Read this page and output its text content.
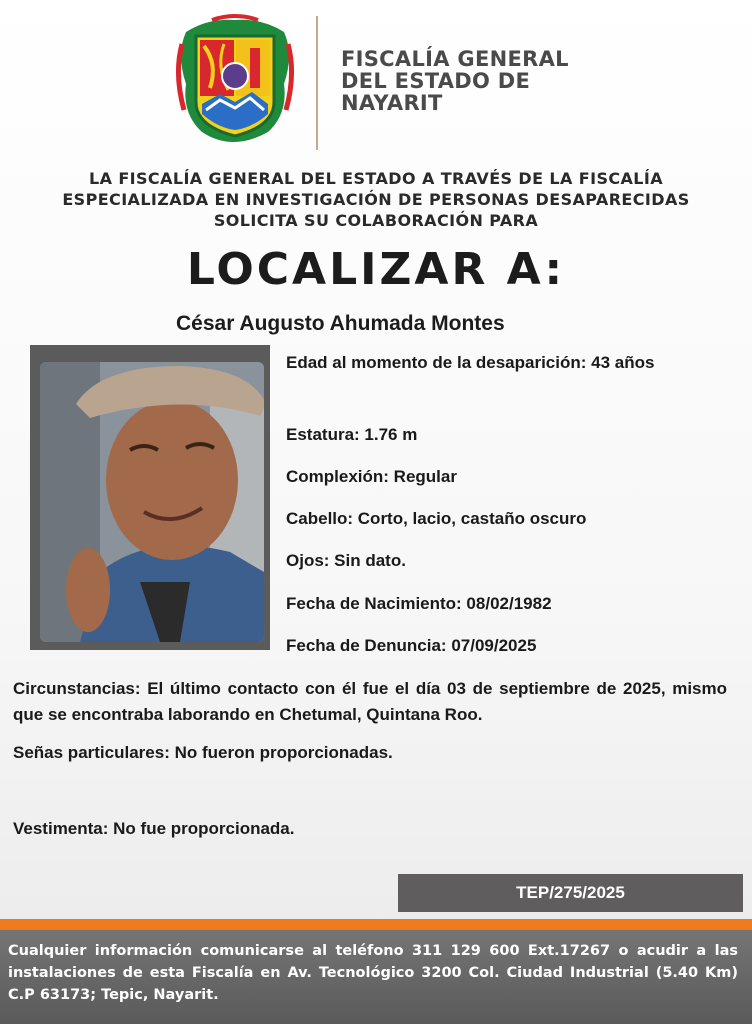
FISCALÍA GENERAL
DEL ESTADO DE
NAYARIT
LA FISCALÍA GENERAL DEL ESTADO A TRAVÉS DE LA FISCALÍA
ESPECIALIZADA EN INVESTIGACIÓN DE PERSONAS DESAPARECIDAS
SOLICITA SU COLABORACIÓN PARA
LOCALIZAR A:
César Augusto Ahumada Montes
Edad al momento de la desaparición: 43 años
Estatura: 1.76 m
Complexión: Regular
Cabello: Corto, lacio, castaño oscuro
Ojos: Sin dato.
Fecha de Nacimiento: 08/02/1982
Fecha de Denuncia: 07/09/2025
Circunstancias: El último contacto con él fue el día 03 de septiembre de 2025, mismo que se encontraba laborando en Chetumal, Quintana Roo.
Señas particulares: No fueron proporcionadas.
Vestimenta: No fue proporcionada.
TEP/275/2025
Cualquier información comunicarse al teléfono 311 129 600 Ext.17267 o acudir a las instalaciones de esta Fiscalía en Av. Tecnológico 3200 Col. Ciudad Industrial (5.40 Km) C.P 63173; Tepic, Nayarit.
